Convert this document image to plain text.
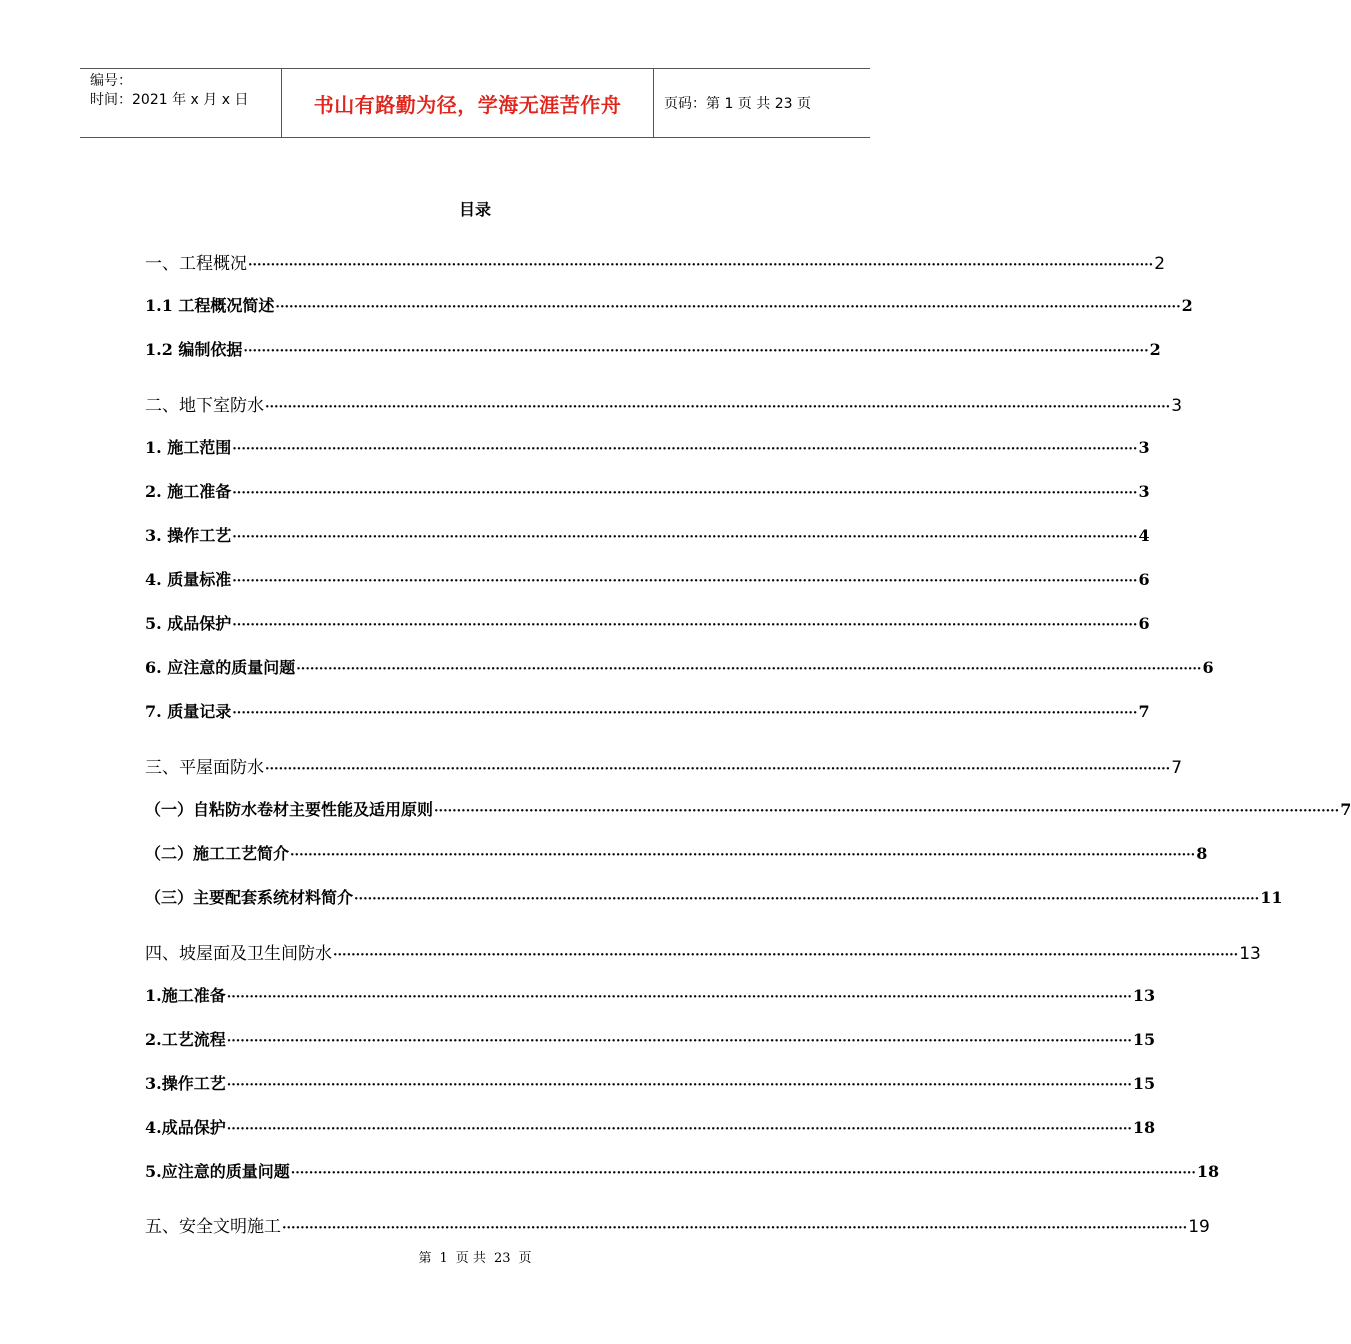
编号：
时间：2021 年 x 月 x 日	书山有路勤为径，学海无涯苦作舟	页码：第 1 页 共 23 页
目录
一、工程概况 ········································································································································································································ 2
1.1 工程概况简述 ········································································································································································································ 2
1.2 编制依据 ········································································································································································································ 2
二、地下室防水 ········································································································································································································ 3
1. 施工范围 ········································································································································································································ 3
2. 施工准备 ········································································································································································································ 3
3. 操作工艺 ········································································································································································································ 4
4. 质量标准 ········································································································································································································ 6
5. 成品保护 ········································································································································································································ 6
6. 应注意的质量问题 ········································································································································································································ 6
7. 质量记录 ········································································································································································································ 7
三、平屋面防水 ········································································································································································································ 7
（一）自粘防水卷材主要性能及适用原则 ········································································································································································································ 7
（二）施工工艺简介 ········································································································································································································ 8
（三）主要配套系统材料简介 ········································································································································································································ 11
四、坡屋面及卫生间防水 ········································································································································································································ 13
1.施工准备 ········································································································································································································ 13
2.工艺流程 ········································································································································································································ 15
3.操作工艺 ········································································································································································································ 15
4.成品保护 ········································································································································································································ 18
5.应注意的质量问题 ········································································································································································································ 18
五、安全文明施工 ········································································································································································································ 19
第 1 页 共 23 页
